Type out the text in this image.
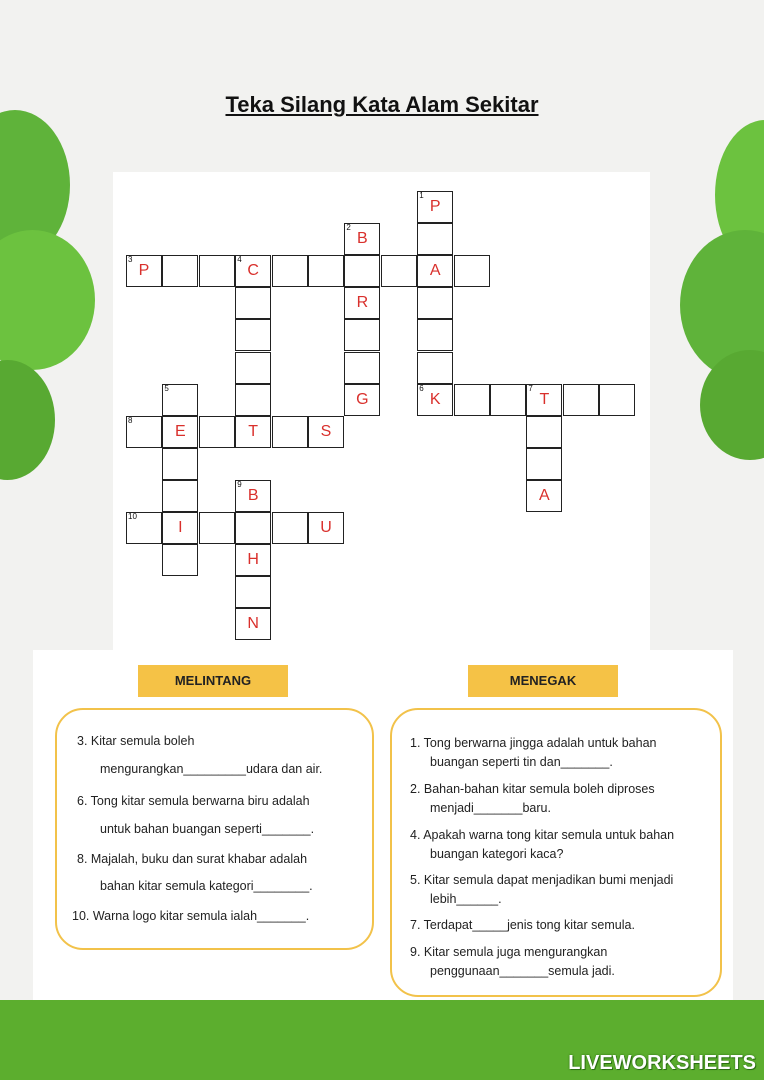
Teka Silang Kata Alam Sekitar
1
P
2
B
3
P
4
C	A
R
5
G
6
K
7
T
8
E	T	S
9
B	A
10
I	U
H
N
MELINTANG	MENEGAK
3. Kitar semula boleh
mengurangkan_________udara dan air.
6. Tong kitar semula berwarna biru adalah
untuk bahan buangan seperti_______.
8. Majalah, buku dan surat khabar adalah
bahan kitar semula kategori________.
10. Warna logo kitar semula ialah_______.
1. Tong berwarna jingga adalah untuk bahan
buangan seperti tin dan_______.
2. Bahan-bahan kitar semula boleh diproses
menjadi_______baru.
4. Apakah warna tong kitar semula untuk bahan
buangan kategori kaca?
5. Kitar semula dapat menjadikan bumi menjadi
lebih______.
7. Terdapat_____jenis tong kitar semula.
9. Kitar semula juga mengurangkan
penggunaan_______semula jadi.
LIVEWORKSHEETS
